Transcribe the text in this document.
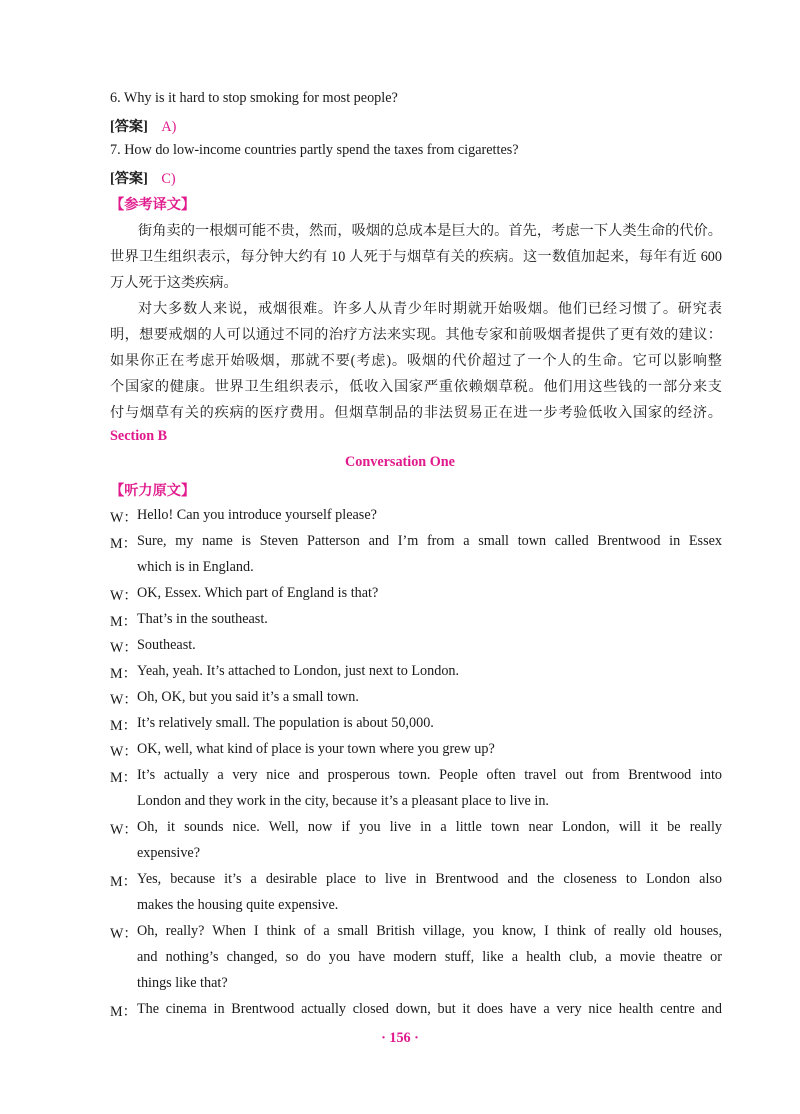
6. Why is it hard to stop smoking for most people?
[答案] A)
7. How do low-income countries partly spend the taxes from cigarettes?
[答案] C)
【参考译文】
街角卖的一根烟可能不贵，然而，吸烟的总成本是巨大的。首先，考虑一下人类生命的代价。
世界卫生组织表示，每分钟大约有 10 人死于与烟草有关的疾病。这一数值加起来，每年有近 600
万人死于这类疾病。
对大多数人来说，戒烟很难。许多人从青少年时期就开始吸烟。他们已经习惯了。研究表
明，想要戒烟的人可以通过不同的治疗方法来实现。其他专家和前吸烟者提供了更有效的建议：
如果你正在考虑开始吸烟，那就不要(考虑)。吸烟的代价超过了一个人的生命。它可以影响整
个国家的健康。世界卫生组织表示，低收入国家严重依赖烟草税。他们用这些钱的一部分来支
付与烟草有关的疾病的医疗费用。但烟草制品的非法贸易正在进一步考验低收入国家的经济。
Section B
Conversation One
【听力原文】
W： Hello! Can you introduce yourself please?
M： Sure, my name is Steven Patterson and I’m from a small town called Brentwood in Essex
which is in England.
W： OK, Essex. Which part of England is that?
M： That’s in the southeast.
W： Southeast.
M： Yeah, yeah. It’s attached to London, just next to London.
W： Oh, OK, but you said it’s a small town.
M： It’s relatively small. The population is about 50,000.
W： OK, well, what kind of place is your town where you grew up?
M： It’s actually a very nice and prosperous town. People often travel out from Brentwood into
London and they work in the city, because it’s a pleasant place to live in.
W： Oh, it sounds nice. Well, now if you live in a little town near London, will it be really
expensive?
M： Yes, because it’s a desirable place to live in Brentwood and the closeness to London also
makes the housing quite expensive.
W： Oh, really? When I think of a small British village, you know, I think of really old houses,
and nothing’s changed, so do you have modern stuff, like a health club, a movie theatre or
things like that?
M： The cinema in Brentwood actually closed down, but it does have a very nice health centre and
· 156 ·
